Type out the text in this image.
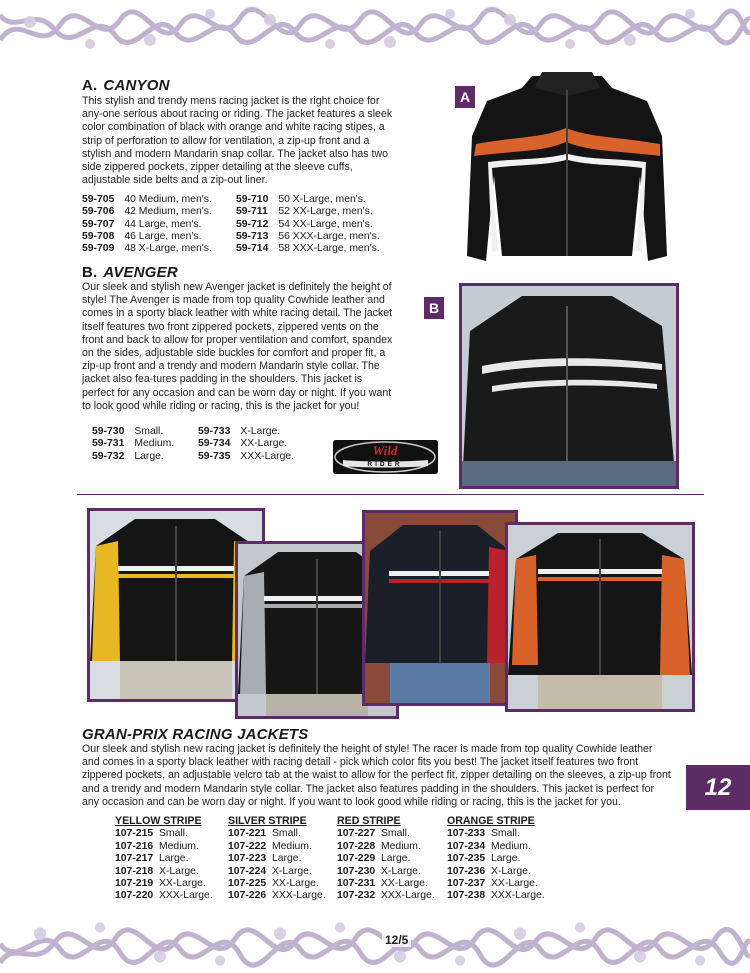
A. CANYON

This stylish and trendy mens racing jacket is the right choice for any-one serious about racing or riding. The jacket features a sleek color combination of black with orange and white racing stipes, a strip of perforation to allow for ventilation, a zip-up front and a stylish and modern Mandarin snap collar. The jacket also has two side zippered pockets, zipper detailing at the sleeve cuffs, adjustable side belts and a zip-out liner.

59-705	40 Medium, men's.
59-706	42 Medium, men's.
59-707	44 Large, men's.
59-708	46 Large, men's.
59-709	48 X-Large, men's.
59-710	50 X-Large, men's.
59-711	52 XX-Large, men's.
59-712	54 XX-Large, men's.
59-713	56 XXX-Large, men's.
59-714	58 XXX-Large, men's.
A
B. AVENGER

Our sleek and stylish new Avenger jacket is definitely the height of style! The Avenger is made from top quality Cowhide leather and comes in a sporty black leather with white racing detail. The jacket itself features two front zippered pockets, zippered vents on the front and back to allow for proper ventilation and comfort, spandex on the sides, adjustable side buckles for comfort and proper fit, a zip-up front and a trendy and modern Mandarin style collar. The jacket also fea-tures padding in the shoulders. This jacket is perfect for any occasion and can be worn day or night. If you want to look good while riding or racing, this is the jacket for you!

59-730	Small.
59-731	Medium.
59-732	Large.
59-733	X-Large.
59-734	XX-Large.
59-735	XXX-Large.	Wild
RIDER
B
GRAN-PRIX RACING JACKETS

Our sleek and stylish new racing jacket is definitely the height of style! The racer is made from top quality Cowhide leather and comes in a sporty black leather with racing detail - pick which color fits you best! The jacket itself features two front zippered pockets, an adjustable velcro tab at the waist to allow for the perfect fit, zipper detailing on the sleeves, a zip-up front and a trendy and modern Mandarin style collar. The jacket also features padding in the shoulders. This jacket is perfect for any occasion and can be worn day or night. If you want to look good while riding or racing, this is the jacket for you.

YELLOW STRIPE
107-215 Small.
107-216 Medium.
107-217 Large.
107-218 X-Large.
107-219 XX-Large.
107-220 XXX-Large.
SILVER STRIPE
107-221 Small.
107-222 Medium.
107-223 Large.
107-224 X-Large.
107-225 XX-Large.
107-226 XXX-Large.
RED STRIPE
107-227 Small.
107-228 Medium.
107-229 Large.
107-230 X-Large.
107-231 XX-Large.
107-232 XXX-Large.
ORANGE STRIPE
107-233 Small.
107-234 Medium.
107-235 Large.
107-236 X-Large.
107-237 XX-Large.
107-238 XXX-Large.
12
12/5
